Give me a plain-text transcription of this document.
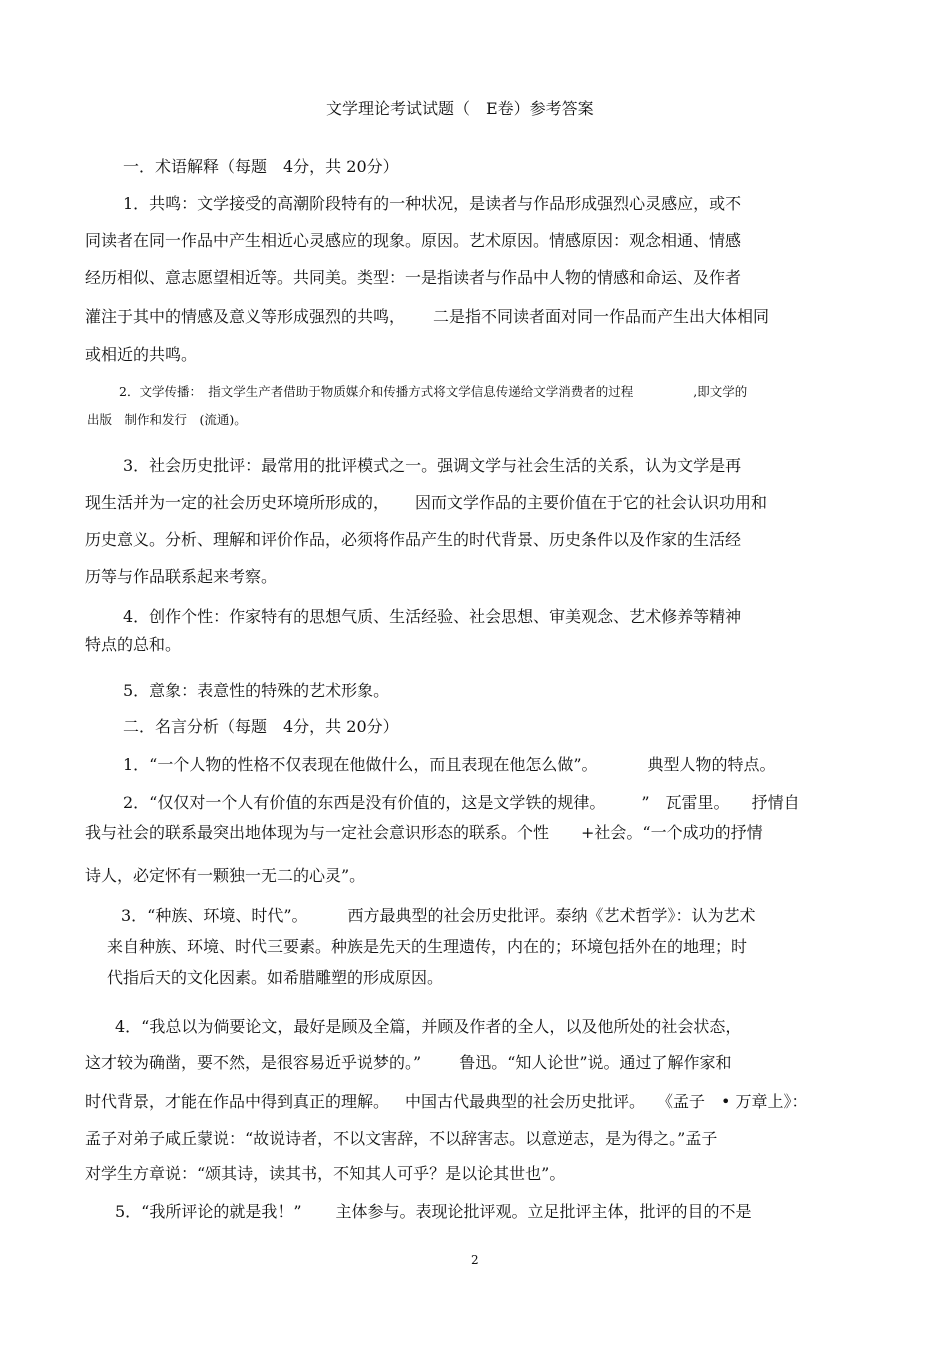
文学理论考试试题（　E卷）参考答案
一．术语解释（每题　4分，共 20分）
1．共鸣：文学接受的高潮阶段特有的一种状况，是读者与作品形成强烈心灵感应，或不
同读者在同一作品中产生相近心灵感应的现象。原因。艺术原因。情感原因：观念相通、情感
经历相似、意志愿望相近等。共同美。类型：一是指读者与作品中人物的情感和命运、及作者
灌注于其中的情感及意义等形成强烈的共鸣， 二是指不同读者面对同一作品而产生出大体相同
或相近的共鸣。
2．文学传播：　指文学生产者借助于物质媒介和传播方式将文学信息传递给文学消费者的过程	,即文学的
出版　制作和发行　(流通)。
3．社会历史批评：最常用的批评模式之一。强调文学与社会生活的关系，认为文学是再
现生活并为一定的社会历史环境所形成的， 因而文学作品的主要价值在于它的社会认识功用和
历史意义。分析、理解和评价作品，必须将作品产生的时代背景、历史条件以及作家的生活经
历等与作品联系起来考察。
4．创作个性：作家特有的思想气质、生活经验、社会思想、审美观念、艺术修养等精神
特点的总和。
5．意象：表意性的特殊的艺术形象。
二．名言分析（每题　4分，共 20分）
1．“一个人物的性格不仅表现在他做什么，而且表现在他怎么做”。	典型人物的特点。
2．“仅仅对一个人有价值的东西是没有价值的，这是文学铁的规律。 ”　瓦雷里。 抒情自
我与社会的联系最突出地体现为与一定社会意识形态的联系。个性 +社会。“一个成功的抒情
诗人，必定怀有一颗独一无二的心灵”。
3．“种族、环境、时代”。	西方最典型的社会历史批评。泰纳《艺术哲学》：认为艺术
来自种族、环境、时代三要素。种族是先天的生理遗传，内在的；环境包括外在的地理；时
代指后天的文化因素。如希腊雕塑的形成原因。
4．“我总以为倘要论文，最好是顾及全篇，并顾及作者的全人，以及他所处的社会状态，
这才较为确凿，要不然，是很容易近乎说梦的。” 鲁迅。“知人论世”说。通过了解作家和
时代背景，才能在作品中得到真正的理解。 中国古代最典型的社会历史批评。 《孟子　• 万章上》：
孟子对弟子咸丘蒙说：“故说诗者，不以文害辞，不以辞害志。以意逆志，是为得之。”孟子
对学生方章说：“颂其诗，读其书，不知其人可乎？是以论其世也”。
5．“我所评论的就是我！” 主体参与。表现论批评观。立足批评主体，批评的目的不是
2
